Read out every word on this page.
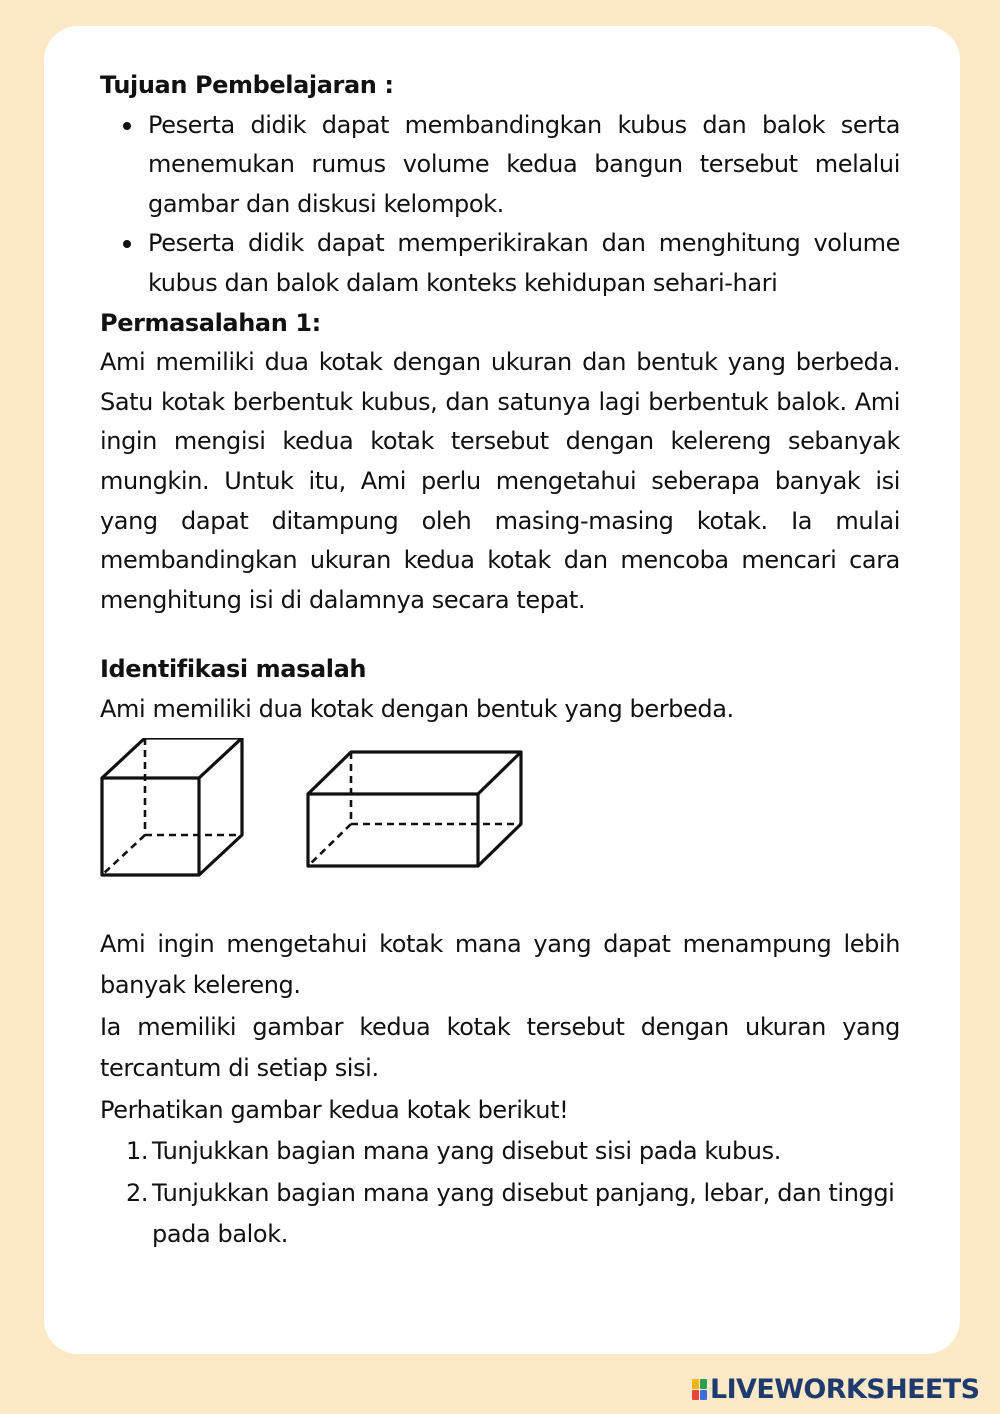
Tujuan Pembelajaran :

Peserta didik dapat membandingkan kubus dan balok serta menemukan rumus volume kedua bangun tersebut melalui gambar dan diskusi kelompok.
Peserta didik dapat memperikirakan dan menghitung volume kubus dan balok dalam konteks kehidupan sehari-hari

Permasalahan 1:

Ami memiliki dua kotak dengan ukuran dan bentuk yang berbeda. Satu kotak berbentuk kubus, dan satunya lagi berbentuk balok. Ami ingin mengisi kedua kotak tersebut dengan kelereng sebanyak mungkin. Untuk itu, Ami perlu mengetahui seberapa banyak isi yang dapat ditampung oleh masing-masing kotak. Ia mulai membandingkan ukuran kedua kotak dan mencoba mencari cara menghitung isi di dalamnya secara tepat.

Identifikasi masalah

Ami memiliki dua kotak dengan bentuk yang berbeda.

Ami ingin mengetahui kotak mana yang dapat menampung lebih banyak kelereng.

Ia memiliki gambar kedua kotak tersebut dengan ukuran yang tercantum di setiap sisi.

Perhatikan gambar kedua kotak berikut!

1. Tunjukkan bagian mana yang disebut sisi pada kubus.
2. Tunjukkan bagian mana yang disebut panjang, lebar, dan tinggi pada balok.
LIVEWORKSHEETS
